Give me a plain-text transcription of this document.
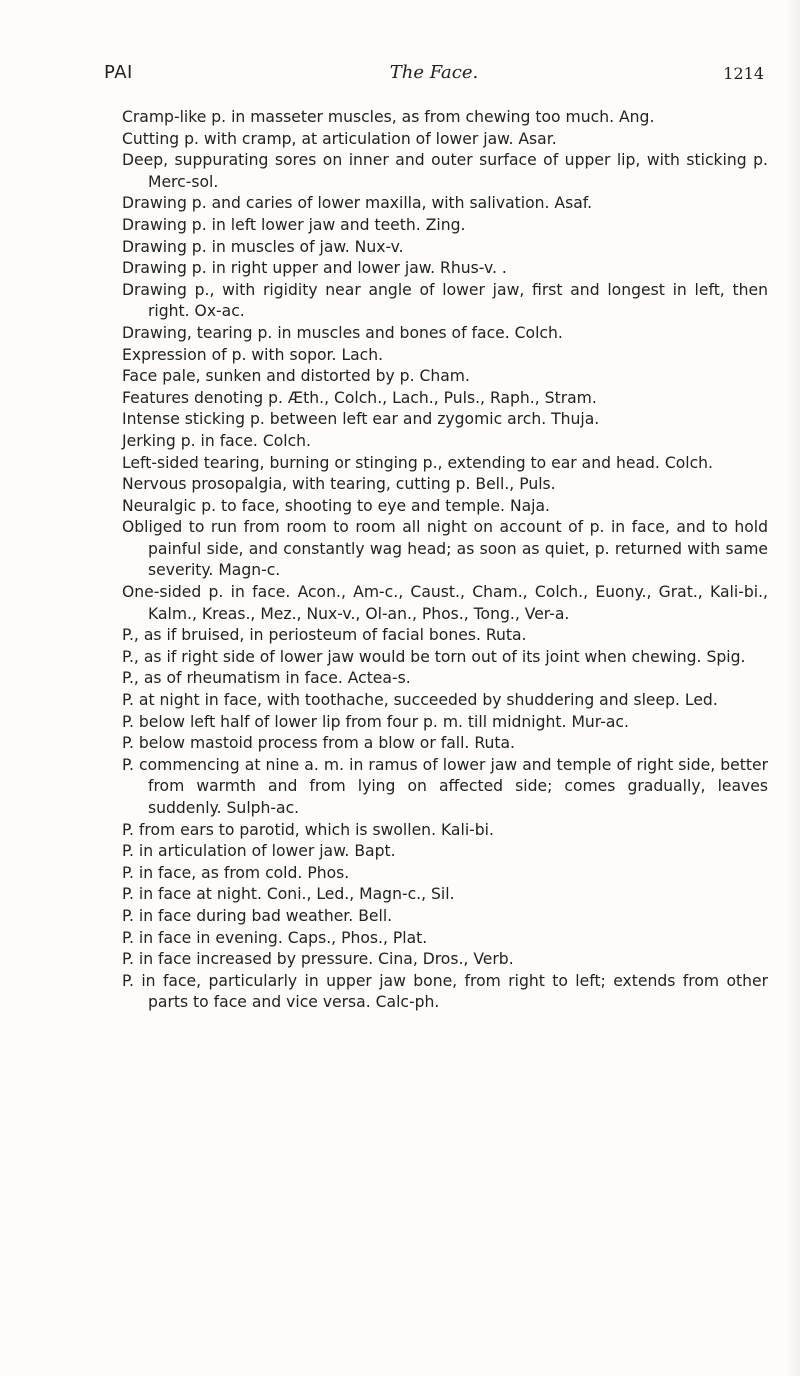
PAI	The Face.	1214

Cramp-like p. in masseter muscles, as from chewing too much. Ang.

Cutting p. with cramp, at articulation of lower jaw. Asar.

Deep, suppurating sores on inner and outer surface of upper lip, with sticking p. Merc-sol.

Drawing p. and caries of lower maxilla, with salivation. Asaf.

Drawing p. in left lower jaw and teeth. Zing.

Drawing p. in muscles of jaw. Nux-v.

Drawing p. in right upper and lower jaw. Rhus-v. .

Drawing p., with rigidity near angle of lower jaw, first and longest in left, then right. Ox-ac.

Drawing, tearing p. in muscles and bones of face. Colch.

Expression of p. with sopor. Lach.

Face pale, sunken and distorted by p. Cham.

Features denoting p. Æth., Colch., Lach., Puls., Raph., Stram.

Intense sticking p. between left ear and zygomic arch. Thuja.

Jerking p. in face. Colch.

Left-sided tearing, burning or stinging p., extending to ear and head. Colch.

Nervous prosopalgia, with tearing, cutting p. Bell., Puls.

Neuralgic p. to face, shooting to eye and temple. Naja.

Obliged to run from room to room all night on account of p. in face, and to hold painful side, and constantly wag head; as soon as quiet, p. returned with same severity. Magn-c.

One-sided p. in face. Acon., Am-c., Caust., Cham., Colch., Euony., Grat., Kali-bi., Kalm., Kreas., Mez., Nux-v., Ol-an., Phos., Tong., Ver-a.

P., as if bruised, in periosteum of facial bones. Ruta.

P., as if right side of lower jaw would be torn out of its joint when chewing. Spig.

P., as of rheumatism in face. Actea-s.

P. at night in face, with toothache, succeeded by shuddering and sleep. Led.

P. below left half of lower lip from four p. m. till midnight. Mur-ac.

P. below mastoid process from a blow or fall. Ruta.

P. commencing at nine a. m. in ramus of lower jaw and temple of right side, better from warmth and from lying on affected side; comes gradually, leaves suddenly. Sulph-ac.

P. from ears to parotid, which is swollen. Kali-bi.

P. in articulation of lower jaw. Bapt.

P. in face, as from cold. Phos.

P. in face at night. Coni., Led., Magn-c., Sil.

P. in face during bad weather. Bell.

P. in face in evening. Caps., Phos., Plat.

P. in face increased by pressure. Cina, Dros., Verb.

P. in face, particularly in upper jaw bone, from right to left; extends from other parts to face and vice versa. Calc-ph.
